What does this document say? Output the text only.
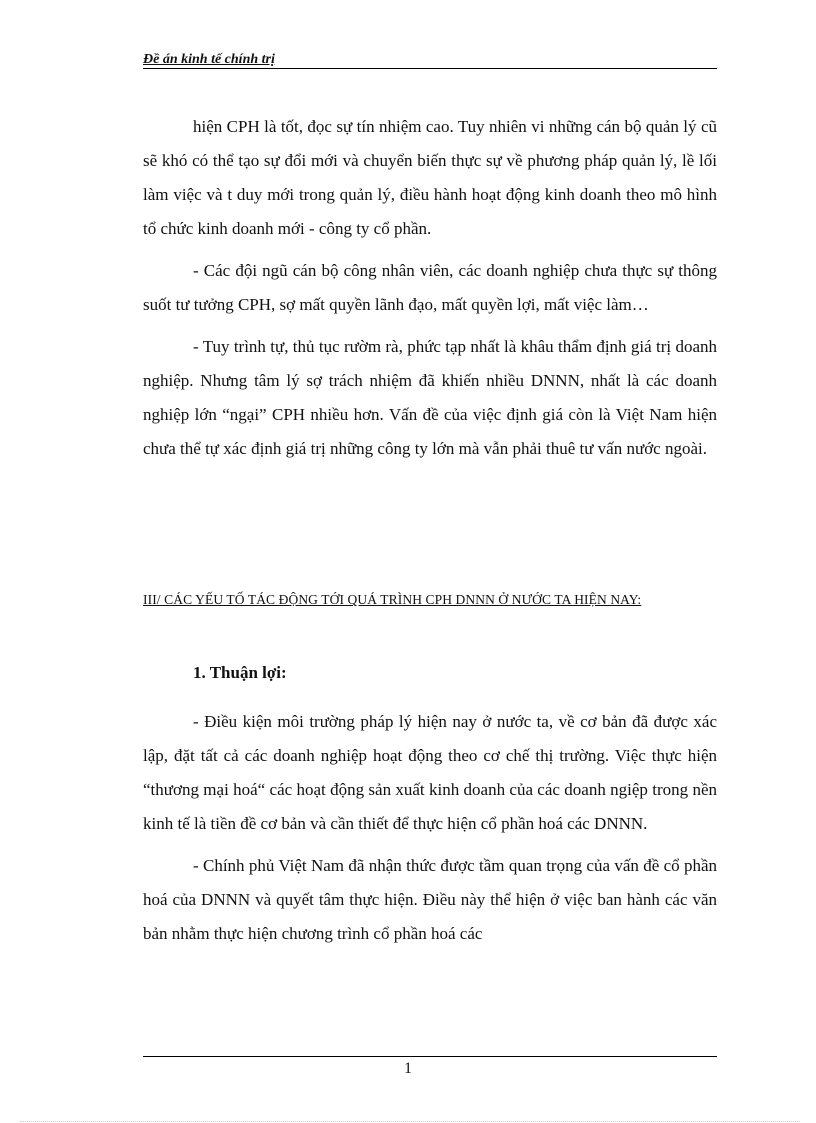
Đề án kinh tế chính trị

hiện CPH là tốt, đọc sự tín nhiệm cao. Tuy nhiên vi những cán bộ quản lý cũ sẽ khó có thể tạo sự đổi mới và chuyển biến thực sự về phương pháp quản lý, lề lối làm việc và t duy mới trong quản lý, điều hành hoạt động kinh doanh theo mô hình tổ chức kinh doanh mới - công ty cổ phần.

- Các đội ngũ cán bộ công nhân viên, các doanh nghiệp chưa thực sự thông suốt tư tưởng CPH, sợ mất quyền lãnh đạo, mất quyền lợi, mất việc làm…

- Tuy trình tự, thủ tục rườm rà, phức tạp nhất là khâu thẩm định giá trị doanh nghiệp. Nhưng tâm lý sợ trách nhiệm đã khiến nhiều DNNN, nhất là các doanh nghiệp lớn “ngại” CPH nhiều hơn. Vấn đề của việc định giá còn là Việt Nam hiện chưa thể tự xác định giá trị những công ty lớn mà vẫn phải thuê tư vấn nước ngoài.

III/ CÁC YẾU TỐ TÁC ĐỘNG TỚI QUÁ TRÌNH CPH DNNN Ở NƯỚC TA HIỆN NAY:
1. Thuận lợi:

- Điều kiện môi trường pháp lý hiện nay ở nước ta, về cơ bản đã được xác lập, đặt tất cả các doanh nghiệp hoạt động theo cơ chế thị trường. Việc thực hiện “thương mại hoá“ các hoạt động sản xuất kinh doanh của các doanh ngiệp trong nền kinh tế là tiền đề cơ bản và cần thiết để thực hiện cổ phần hoá các DNNN.

- Chính phủ Việt Nam đã nhận thức được tầm quan trọng của vấn đề cổ phần hoá của DNNN và quyết tâm thực hiện. Điều này thể hiện ở việc ban hành các văn bản nhằm thực hiện chương trình cổ phần hoá các

1
